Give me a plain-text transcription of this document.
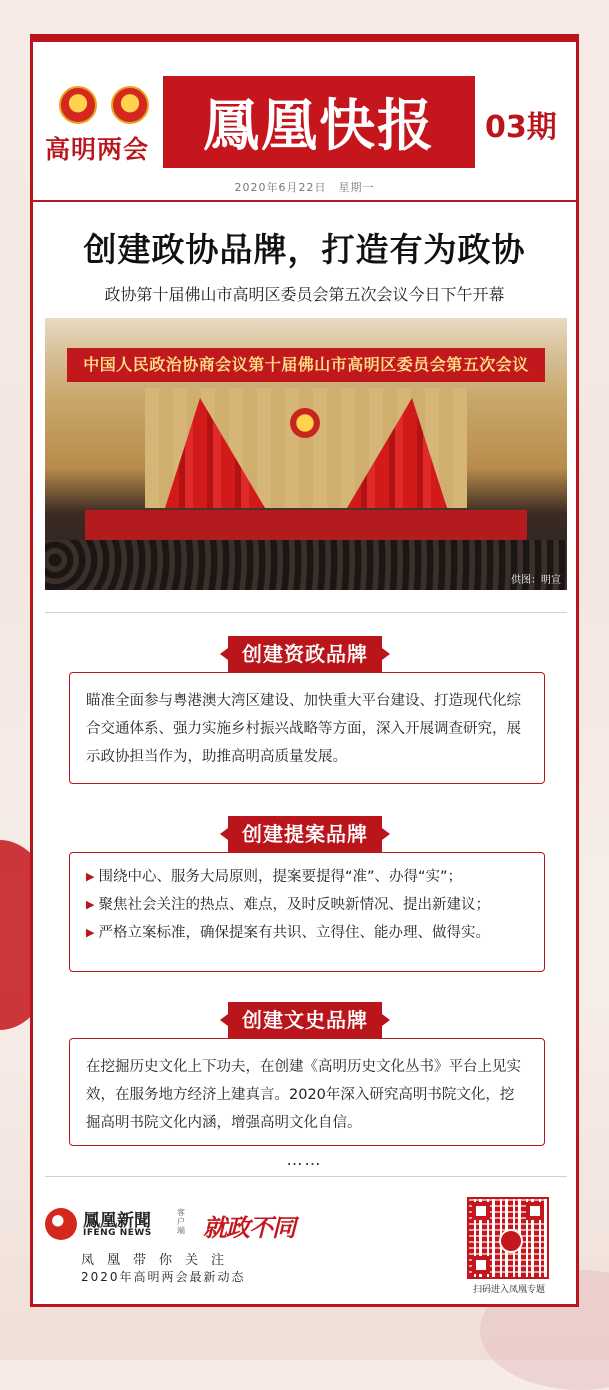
高明两会 鳳凰快报 03期
2020年6月22日　星期一
创建政协品牌，打造有为政协
政协第十届佛山市高明区委员会第五次会议今日下午开幕
中国人民政治协商会议第十届佛山市高明区委员会第五次会议
供图：明宣
创建资政品牌
瞄准全面参与粤港澳大湾区建设、加快重大平台建设、打造现代化综合交通体系、强力实施乡村振兴战略等方面，深入开展调查研究，展示政协担当作为，助推高明高质量发展。
创建提案品牌
▶ 围绕中心、服务大局原则，提案要提得“准”、办得“实”；
▶ 聚焦社会关注的热点、难点，及时反映新情况、提出新建议；
▶ 严格立案标准，确保提案有共识、立得住、能办理、做得实。
创建文史品牌
在挖掘历史文化上下功夫，在创建《高明历史文化丛书》平台上见实效，在服务地方经济上建真言。2020年深入研究高明书院文化，挖掘高明书院文化内涵，增强高明文化自信。
……
鳳凰新聞
IFENG NEWS
客户端 就政不同
凤凰带你关注
2020年高明两会最新动态
扫码进入凤凰专题
